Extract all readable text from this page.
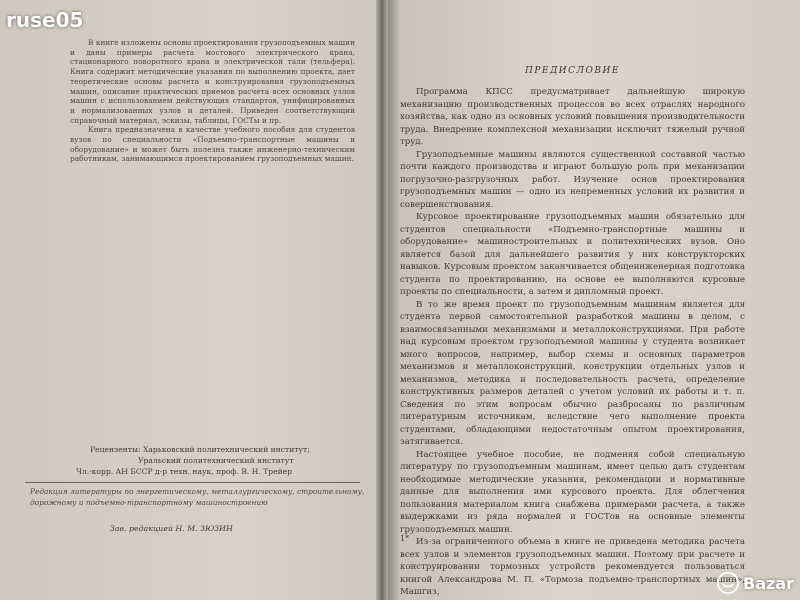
ruse05

В книге изложены основы проектирования грузоподъемных машин и даны примеры расчета мостового электрического крана, стационарного поворотного крана и электрической тали (тельфера). Книга содержит методические указания по выполнению проекта, дает теоретические основы расчета и конструирования грузоподъемных машин, описание практических приемов расчета всех основных узлов машин с использованием действующих стандартов, унифицированных и нормализованных узлов и деталей. Приведен соответствующий справочный материал, эскизы, таблицы, ГОСТы и пр.

Книга предназначена в качестве учебного пособия для студентов вузов по специальности «Подъемно-транспортные машины и оборудование» и может быть полезна также инженерно-техническим работникам, занимающимся проектированием грузоподъемных машин.

Рецензенты: Харьковский политехнический институт;
Уральский политехнический институт
Чл.-корр. АН БССР д-р техн. наук, проф. В. Н. Трейер
Редакция литературы по энергетическому, металлургическому, строительному, дорожному и подъемно-транспортному машиностроению
Зав. редакцией Н. М. ЗЮЗИН
ПРЕДИСЛОВИЕ

Программа КПСС предусматривает дальнейшую широкую механизацию производственных процессов во всех отраслях народного хозяйства, как одно из основных условий повышения производительности труда. Внедрение комплексной механизации исключит тяжелый ручной труд.

Грузоподъемные машины являются существенной составной частью почти каждого производства и играют большую роль при механизации погрузочно-разгрузочных работ. Изучение основ проектирования грузоподъемных машин — одно из непременных условий их развития и совершенствования.

Курсовое проектирование грузоподъемных машин обязательно для студентов специальности «Подъемно-транспортные машины и оборудование» машиностроительных и политехнических вузов. Оно является базой для дальнейшего развития у них конструкторских навыков. Курсовым проектом заканчивается общеинженерная подготовка студента по проектированию, на основе ее выполняются курсовые проекты по специальности, а затем и дипломный проект.

В то же время проект по грузоподъемным машинам является для студента первой самостоятельной разработкой машины в целом, с взаимосвязанными механизмами и металлоконструкциями. При работе над курсовым проектом грузоподъемной машины у студента возникает много вопросов, например, выбор схемы и основных параметров механизмов и металлоконструкций, конструкции отдельных узлов и механизмов, методика и последовательность расчета, определение конструктивных размеров деталей с учетом условий их работы и т. п. Сведения по этим вопросам обычно разбросаны по различным литературным источникам, вследствие чего выполнение проекта студентами, обладающими недостаточным опытом проектирования, затягивается.

Настоящее учебное пособие, не подменяя собой специальную литературу по грузоподъемным машинам, имеет целью дать студентам необходимые методические указания, рекомендации и нормативные данные для выполнения ими курсового проекта. Для облегчения пользования материалом книга снабжена примерами расчета, а также выдержками из ряда нормалей и ГОСТов на основные элементы грузоподъемных машин.

Из-за ограниченного объема в книге не приведена методика расчета всех узлов и элементов грузоподъемных машин. Поэтому при расчете и конструировании тормозных устройств рекомендуется пользоваться книгой Александрова М. П. «Тормоза подъемно-транспортных машин», Машгиз,

1*
Bazar
